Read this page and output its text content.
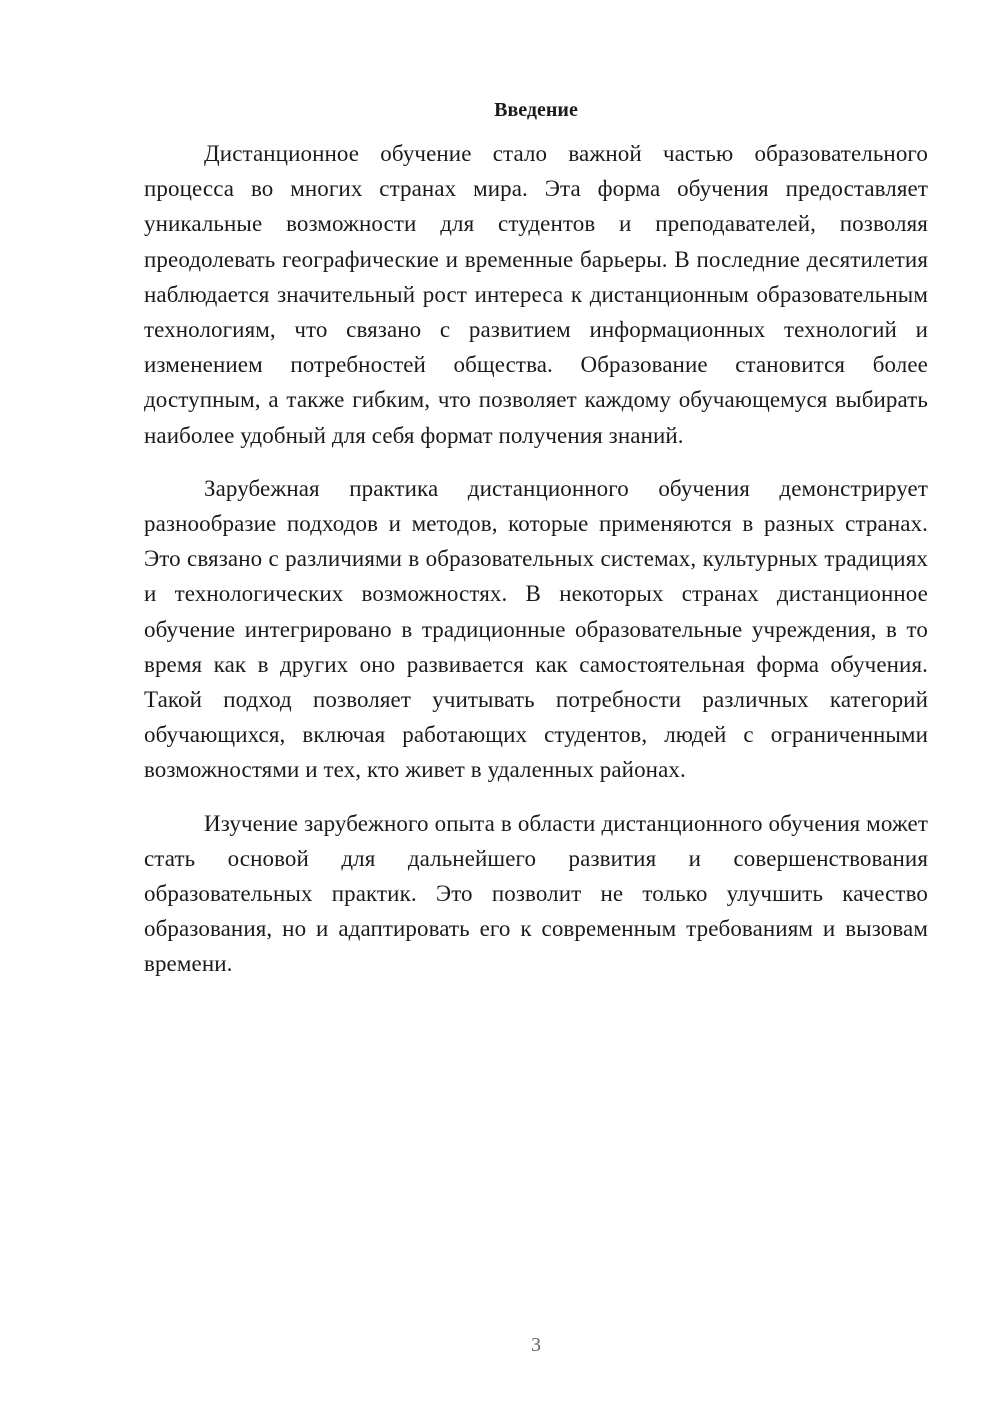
Введение

Дистанционное обучение стало важной частью образовательного процесса во многих странах мира. Эта форма обучения предоставляет уникальные возможности для студентов и преподавателей, позволяя преодолевать географические и временные барьеры. В последние десятилетия наблюдается значительный рост интереса к дистанционным образовательным технологиям, что связано с развитием информационных технологий и изменением потребностей общества. Образование становится более доступным, а также гибким, что позволяет каждому обучающемуся выбирать наиболее удобный для себя формат получения знаний.

Зарубежная практика дистанционного обучения демонстрирует разнообразие подходов и методов, которые применяются в разных странах. Это связано с различиями в образовательных системах, культурных традициях и технологических возможностях. В некоторых странах дистанционное обучение интегрировано в традиционные образовательные учреждения, в то время как в других оно развивается как самостоятельная форма обучения. Такой подход позволяет учитывать потребности различных категорий обучающихся, включая работающих студентов, людей с ограниченными возможностями и тех, кто живет в удаленных районах.

Изучение зарубежного опыта в области дистанционного обучения может стать основой для дальнейшего развития и совершенствования образовательных практик. Это позволит не только улучшить качество образования, но и адаптировать его к современным требованиям и вызовам времени.

3
